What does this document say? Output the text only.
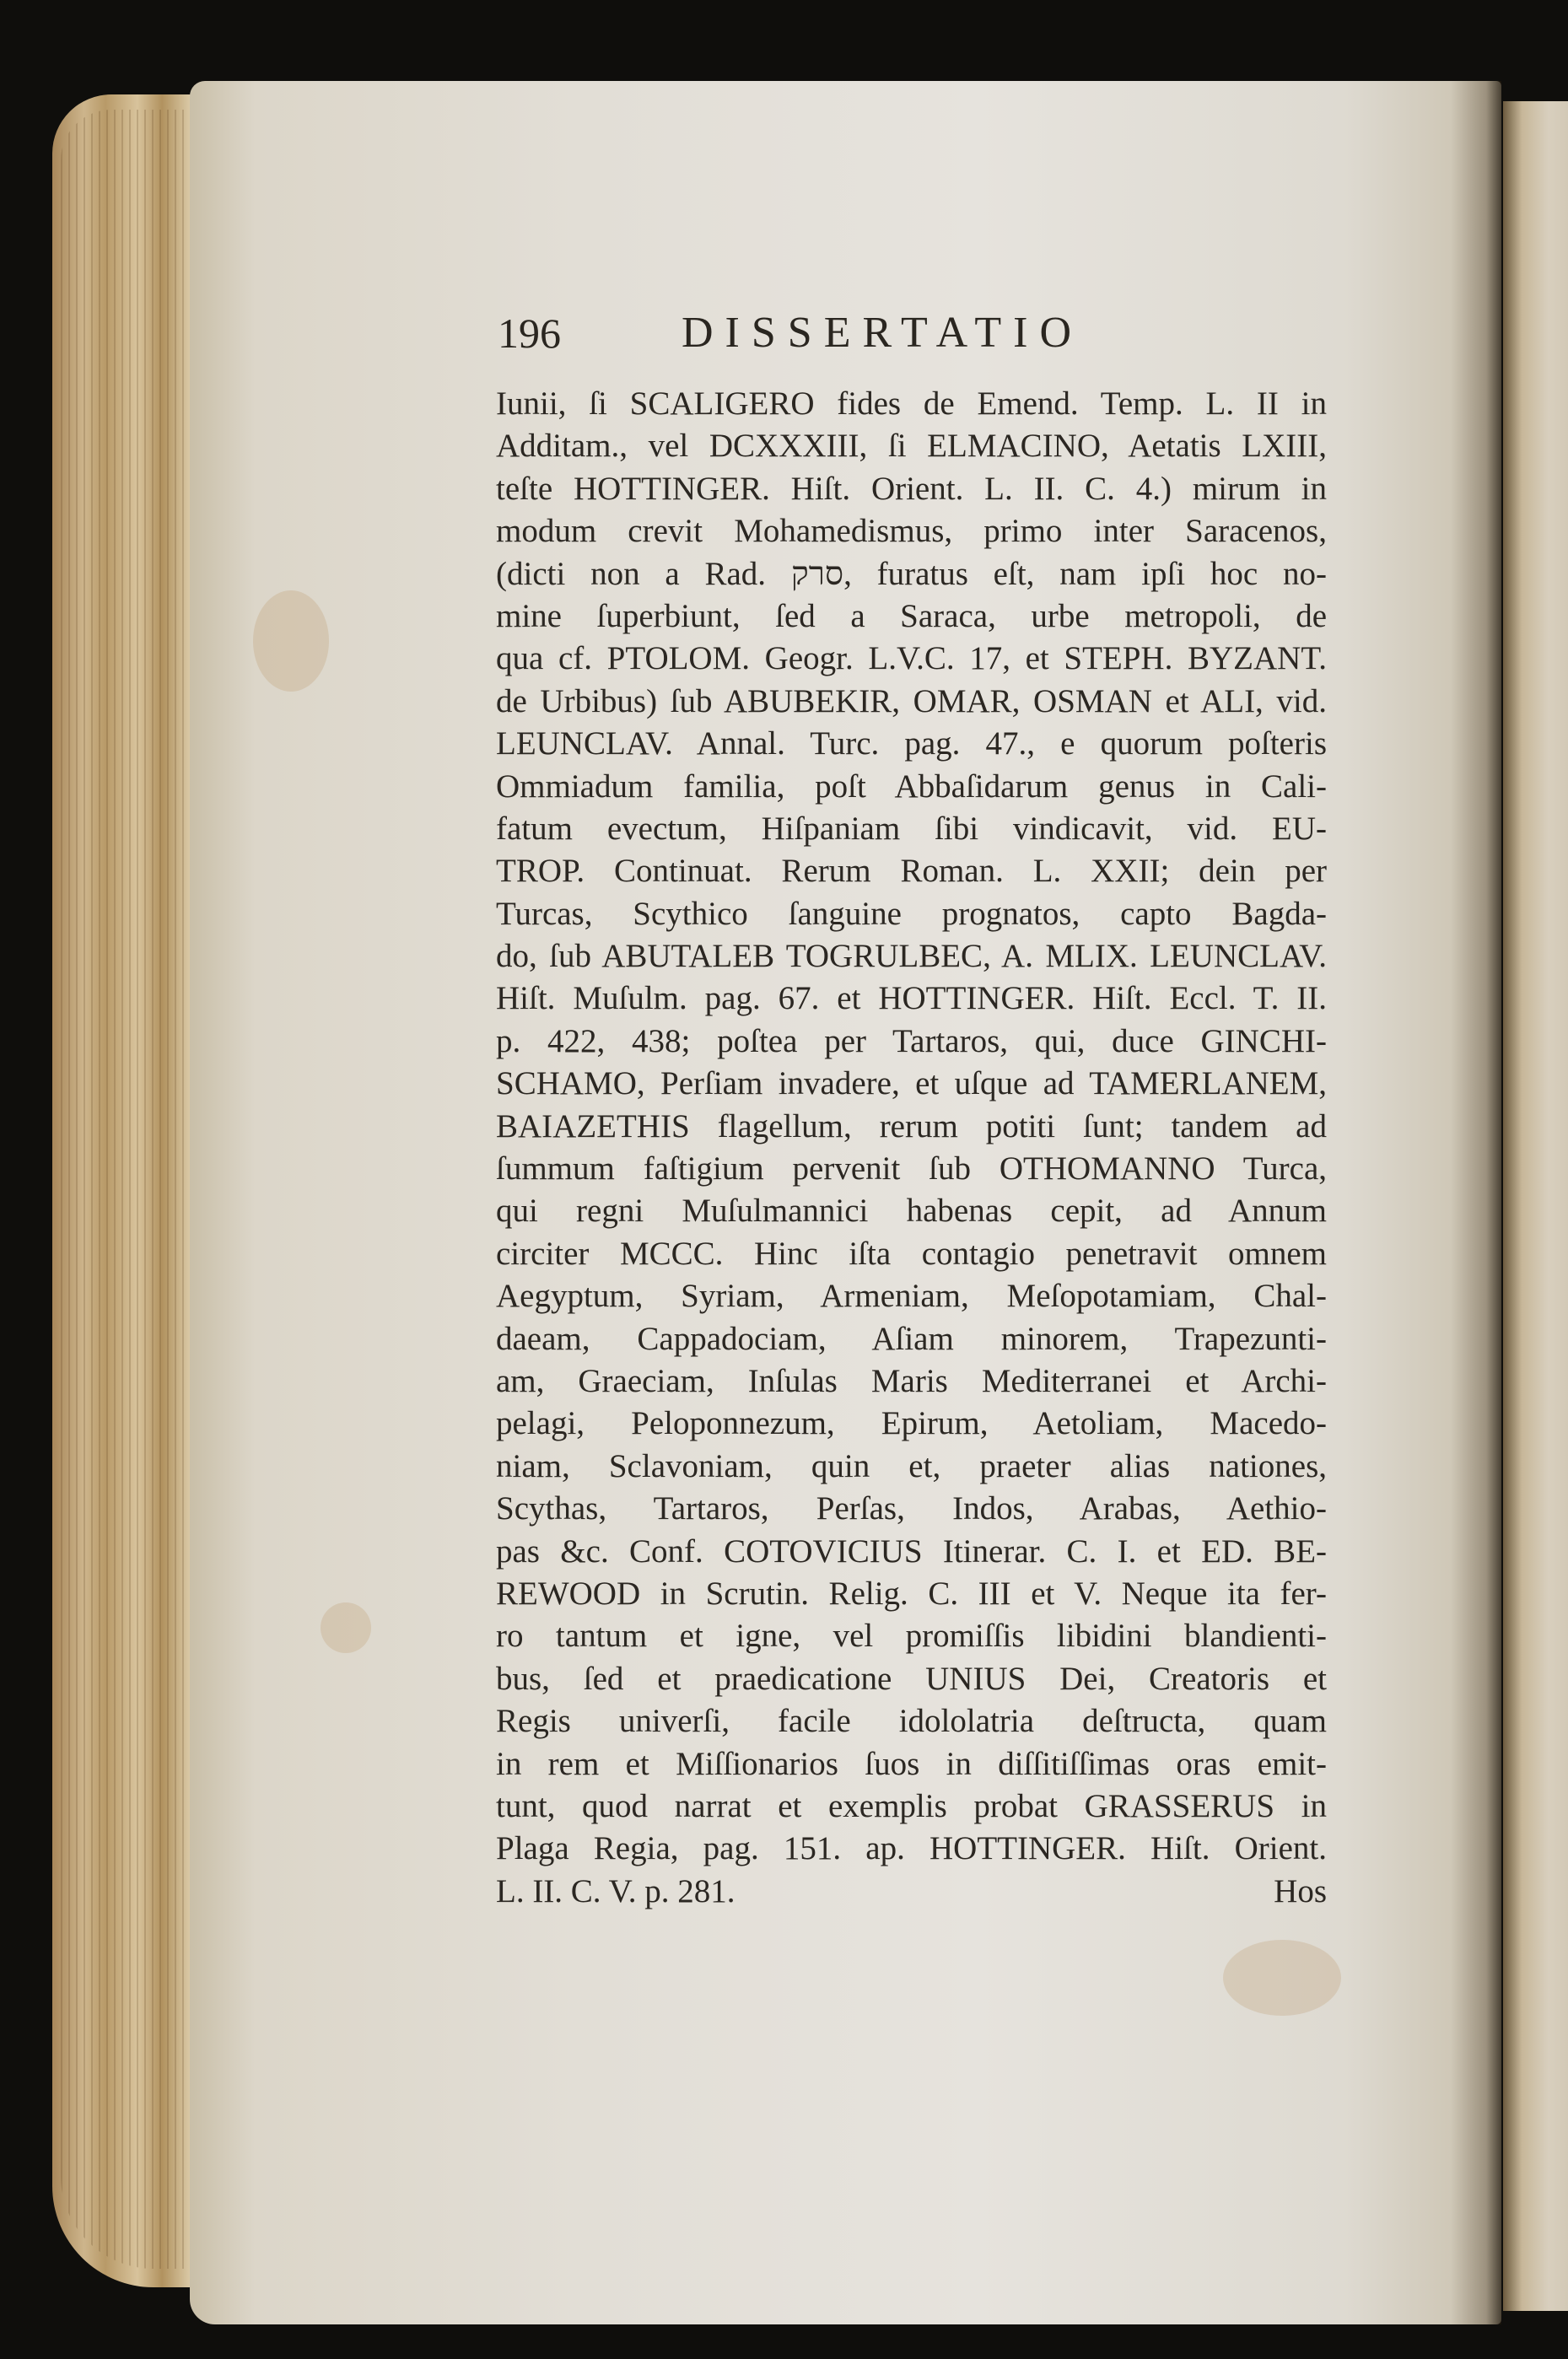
196	DISSERTATIO
Iunii, ſi SCALIGERO fides de Emend. Temp. L. II in
Additam., vel DCXXXIII, ſi ELMACINO, Aetatis LXIII,
teſte HOTTINGER. Hiſt. Orient. L. II. C. 4.) mirum in
modum crevit Mohamedismus, primo inter Saracenos,
(dicti non a Rad. סרק, furatus eſt, nam ipſi hoc no-
mine ſuperbiunt, ſed a Saraca, urbe metropoli, de
qua cf. PTOLOM. Geogr. L.V.C. 17, et STEPH. BYZANT.
de Urbibus) ſub ABUBEKIR, OMAR, OSMAN et ALI, vid.
LEUNCLAV. Annal. Turc. pag. 47., e quorum poſteris
Ommiadum familia, poſt Abbaſidarum genus in Cali-
fatum evectum, Hiſpaniam ſibi vindicavit, vid. EU-
TROP. Continuat. Rerum Roman. L. XXII; dein per
Turcas, Scythico ſanguine prognatos, capto Bagda-
do, ſub ABUTALEB TOGRULBEC, A. MLIX. LEUNCLAV.
Hiſt. Muſulm. pag. 67. et HOTTINGER. Hiſt. Eccl. T. II.
p. 422, 438; poſtea per Tartaros, qui, duce GINCHI-
SCHAMO, Perſiam invadere, et uſque ad TAMERLANEM,
BAIAZETHIS flagellum, rerum potiti ſunt; tandem ad
ſummum faſtigium pervenit ſub OTHOMANNO Turca,
qui regni Muſulmannici habenas cepit, ad Annum
circiter MCCC. Hinc iſta contagio penetravit omnem
Aegyptum, Syriam, Armeniam, Meſopotamiam, Chal-
daeam, Cappadociam, Aſiam minorem, Trapezunti-
am, Graeciam, Inſulas Maris Mediterranei et Archi-
pelagi, Peloponnezum, Epirum, Aetoliam, Macedo-
niam, Sclavoniam, quin et, praeter alias nationes,
Scythas, Tartaros, Perſas, Indos, Arabas, Aethio-
pas &c. Conf. COTOVICIUS Itinerar. C. I. et ED. BE-
REWOOD in Scrutin. Relig. C. III et V. Neque ita fer-
ro tantum et igne, vel promiſſis libidini blandienti-
bus, ſed et praedicatione UNIUS Dei, Creatoris et
Regis univerſi, facile idololatria deſtructa, quam
in rem et Miſſionarios ſuos in diſſitiſſimas oras emit-
tunt, quod narrat et exemplis probat GRASSERUS in
Plaga Regia, pag. 151. ap. HOTTINGER. Hiſt. Orient.
L. II. C. V. p. 281.	Hos
